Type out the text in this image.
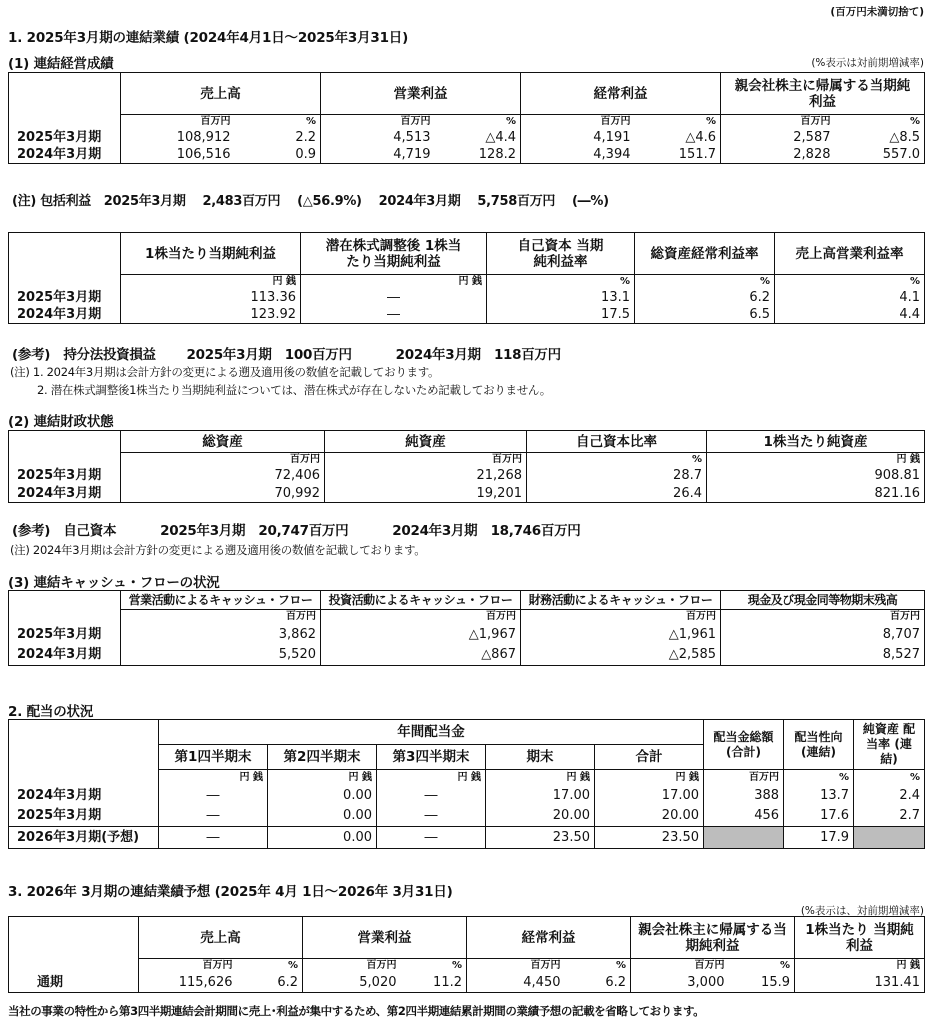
(百万円未満切捨て)
1. 2025年3月期の連結業績 (2024年4月1日〜2025年3月31日)
(1) 連結経営成績	(%表示は対前期増減率)
	売上高		営業利益		経常利益		親会社株主に帰属する当期純利益	
	百万円	%	百万円	%	百万円	%	百万円	%
2025年3月期	108,912	2.2	4,513	△4.4	4,191	△4.6	2,587	△8.5
2024年3月期	106,516	0.9	4,719	128.2	4,394	151.7	2,828	557.0
(注) 包括利益　2025年3月期　 2,483百万円　 (△56.9%)　 2024年3月期　 5,758百万円　 (―%)
	1株当たり当期純利益	潜在株式調整後 1株当たり当期純利益	自己資本 当期純利益率	総資産経常利益率	売上高営業利益率
	円 銭	円 銭	%	%	%
2025年3月期	113.36	―	13.1	6.2	4.1
2024年3月期	123.92	―	17.5	6.5	4.4
(参考)　持分法投資損益　　 2025年3月期　100百万円　　　 2024年3月期　118百万円
(注) 1. 2024年3月期は会計方針の変更による遡及適用後の数値を記載しております。
2. 潜在株式調整後1株当たり当期純利益については、潜在株式が存在しないため記載しておりません。
(2) 連結財政状態
	総資産	純資産	自己資本比率	1株当たり純資産
	百万円	百万円	%	円 銭
2025年3月期	72,406	21,268	28.7	908.81
2024年3月期	70,992	19,201	26.4	821.16
(参考)　自己資本　　　 2025年3月期　20,747百万円　　　 2024年3月期　18,746百万円
(注) 2024年3月期は会計方針の変更による遡及適用後の数値を記載しております。
(3) 連結キャッシュ・フローの状況
	営業活動によるキャッシュ・フロー	投資活動によるキャッシュ・フロー	財務活動によるキャッシュ・フロー	現金及び現金同等物期末残高
	百万円	百万円	百万円	百万円
2025年3月期	3,862	△1,967	△1,961	8,707
2024年3月期	5,520	△867	△2,585	8,527
2. 配当の状況
	年間配当金					配当金総額 (合計)	配当性向 (連結)	純資産 配当率 (連結)
	第1四半期末	第2四半期末	第3四半期末	期末	合計			
	円 銭	円 銭	円 銭	円 銭	円 銭	百万円	%	%
2024年3月期	―	0.00	―	17.00	17.00	388	13.7	2.4
2025年3月期	―	0.00	―	20.00	20.00	456	17.6	2.7
2026年3月期(予想)	―	0.00	―	23.50	23.50		17.9	
3. 2026年 3月期の連結業績予想 (2025年 4月 1日〜2026年 3月31日)
(%表示は、対前期増減率)
	売上高		営業利益		経常利益		親会社株主に帰属する当期純利益		1株当たり 当期純利益
	百万円	%	百万円	%	百万円	%	百万円	%	円 銭
通期	115,626	6.2	5,020	11.2	4,450	6.2	3,000	15.9	131.41
当社の事業の特性から第3四半期連結会計期間に売上･利益が集中するため、第2四半期連結累計期間の業績予想の記載を省略しております。
